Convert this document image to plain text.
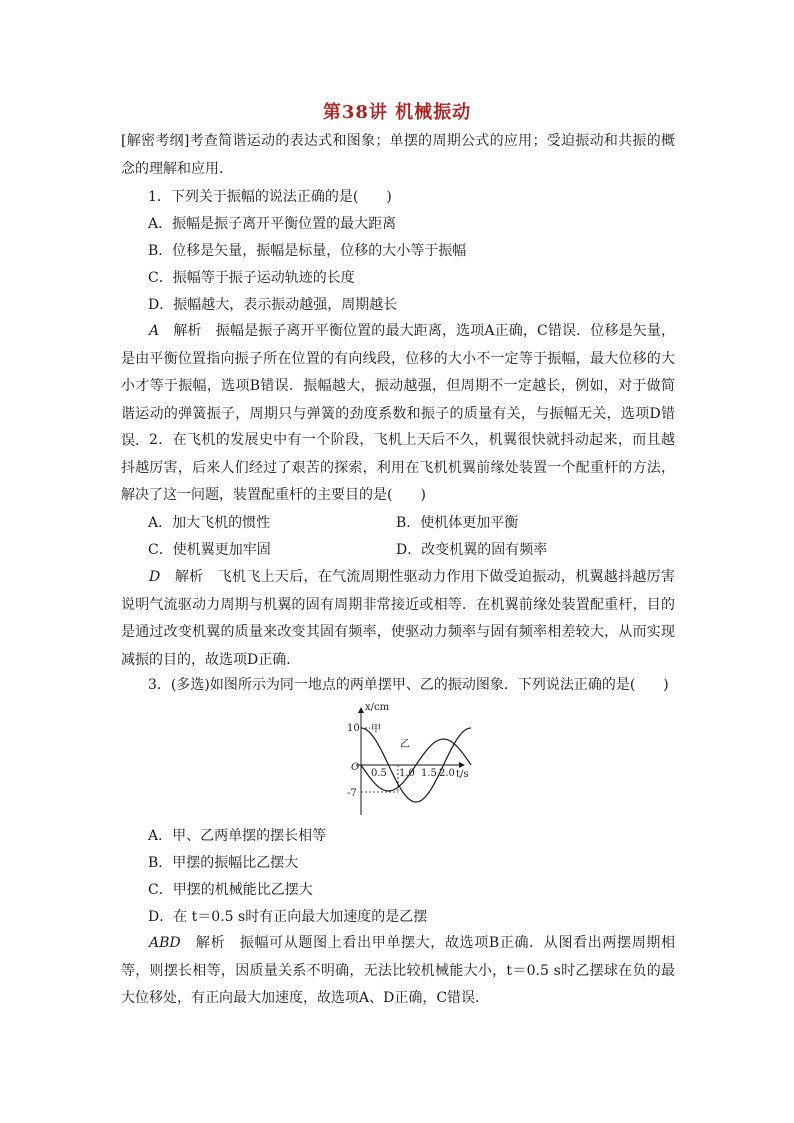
第38讲 机械振动
[解密考纲]考查简谐运动的表达式和图象；单摆的周期公式的应用；受迫振动和共振的概念的理解和应用．
1．下列关于振幅的说法正确的是(　　)
A．振幅是振子离开平衡位置的最大距离
B．位移是矢量，振幅是标量，位移的大小等于振幅
C．振幅等于振子运动轨迹的长度
D．振幅越大，表示振动越强，周期越长
A　解析　振幅是振子离开平衡位置的最大距离，选项A正确，C错误．位移是矢量，是由平衡位置指向振子所在位置的有向线段，位移的大小不一定等于振幅，最大位移的大小才等于振幅，选项B错误．振幅越大，振动越强，但周期不一定越长，例如，对于做简谐运动的弹簧振子，周期只与弹簧的劲度系数和振子的质量有关，与振幅无关，选项D错误． 2．在飞机的发展史中有一个阶段，飞机上天后不久，机翼很快就抖动起来，而且越抖越厉害，后来人们经过了艰苦的探索，利用在飞机机翼前缘处装置一个配重杆的方法，解决了这一问题，装置配重杆的主要目的是(　　)
A．加大飞机的惯性	B．使机体更加平衡
C．使机翼更加牢固	D．改变机翼的固有频率
D　解析　飞机飞上天后，在气流周期性驱动力作用下做受迫振动，机翼越抖越厉害说明气流驱动力周期与机翼的固有周期非常接近或相等．在机翼前缘处装置配重杆，目的是通过改变机翼的质量来改变其固有频率，使驱动力频率与固有频率相差较大，从而实现减振的目的，故选项D正确．
3．(多选)如图所示为同一地点的两单摆甲、乙的振动图象．下列说法正确的是(　　)
x/cm
t/s
O
10
-7
0.5 1.0 1.5 2.0
甲
乙
A．甲、乙两单摆的摆长相等
B．甲摆的振幅比乙摆大
C．甲摆的机械能比乙摆大
D．在 t＝0.5 s时有正向最大加速度的是乙摆
ABD　解析　振幅可从题图上看出甲单摆大，故选项B正确．从图看出两摆周期相等，则摆长相等，因质量关系不明确，无法比较机械能大小，t＝0.5 s时乙摆球在负的最大位移处，有正向最大加速度，故选项A、D正确，C错误．
